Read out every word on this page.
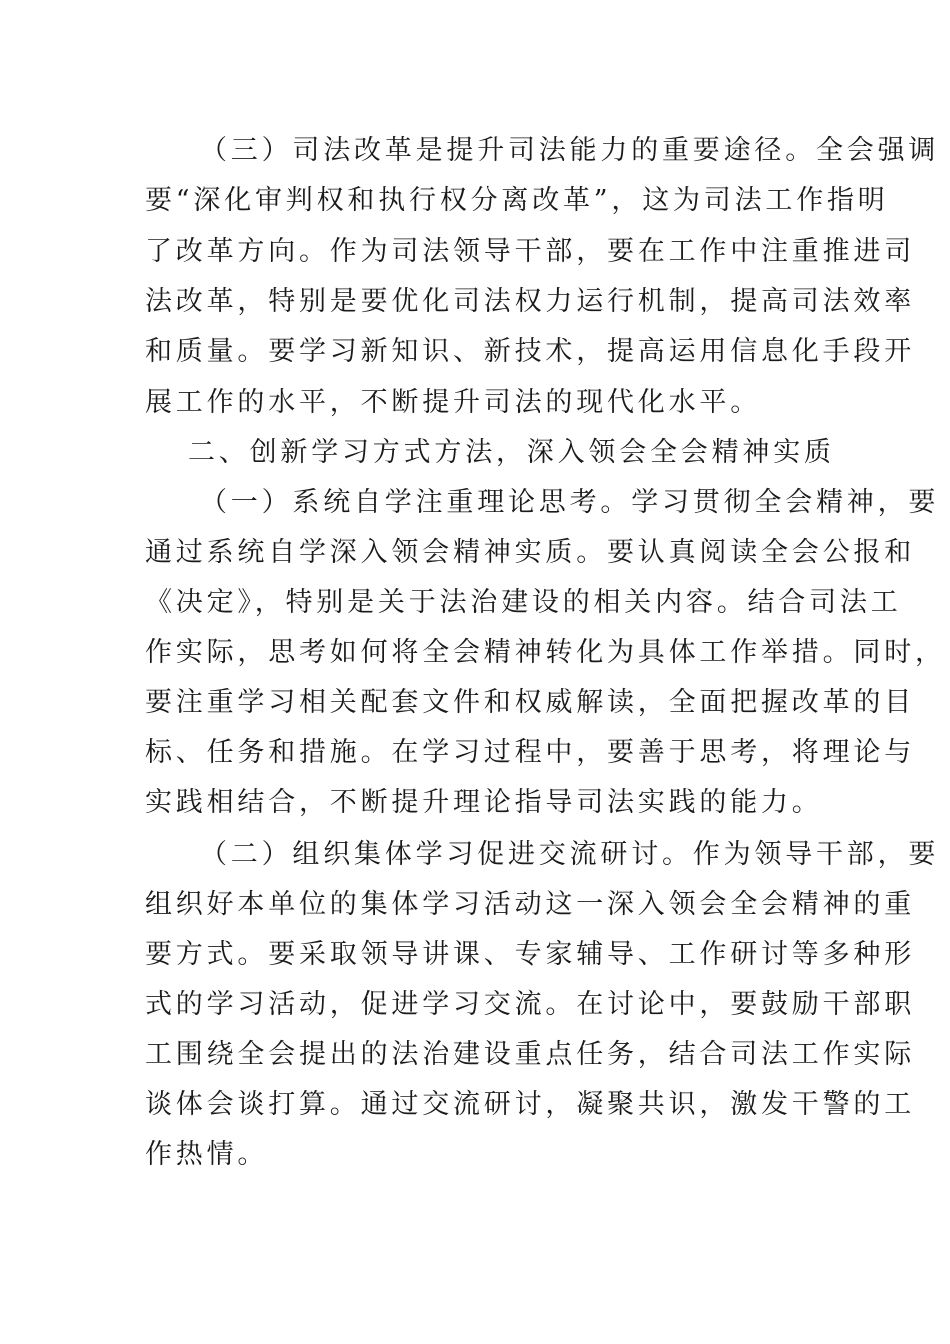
（三）司法改革是提升司法能力的重要途径。全会强调
要“深化审判权和执行权分离改革”，这为司法工作指明
了改革方向。作为司法领导干部，要在工作中注重推进司
法改革，特别是要优化司法权力运行机制，提高司法效率
和质量。要学习新知识、新技术，提高运用信息化手段开
展工作的水平，不断提升司法的现代化水平。
二、创新学习方式方法，深入领会全会精神实质
（一）系统自学注重理论思考。学习贯彻全会精神，要
通过系统自学深入领会精神实质。要认真阅读全会公报和
《决定》，特别是关于法治建设的相关内容。结合司法工
作实际，思考如何将全会精神转化为具体工作举措。同时，
要注重学习相关配套文件和权威解读，全面把握改革的目
标、任务和措施。在学习过程中，要善于思考，将理论与
实践相结合，不断提升理论指导司法实践的能力。
（二）组织集体学习促进交流研讨。作为领导干部，要
组织好本单位的集体学习活动这一深入领会全会精神的重
要方式。要采取领导讲课、专家辅导、工作研讨等多种形
式的学习活动，促进学习交流。在讨论中，要鼓励干部职
工围绕全会提出的法治建设重点任务，结合司法工作实际
谈体会谈打算。通过交流研讨，凝聚共识，激发干警的工
作热情。
